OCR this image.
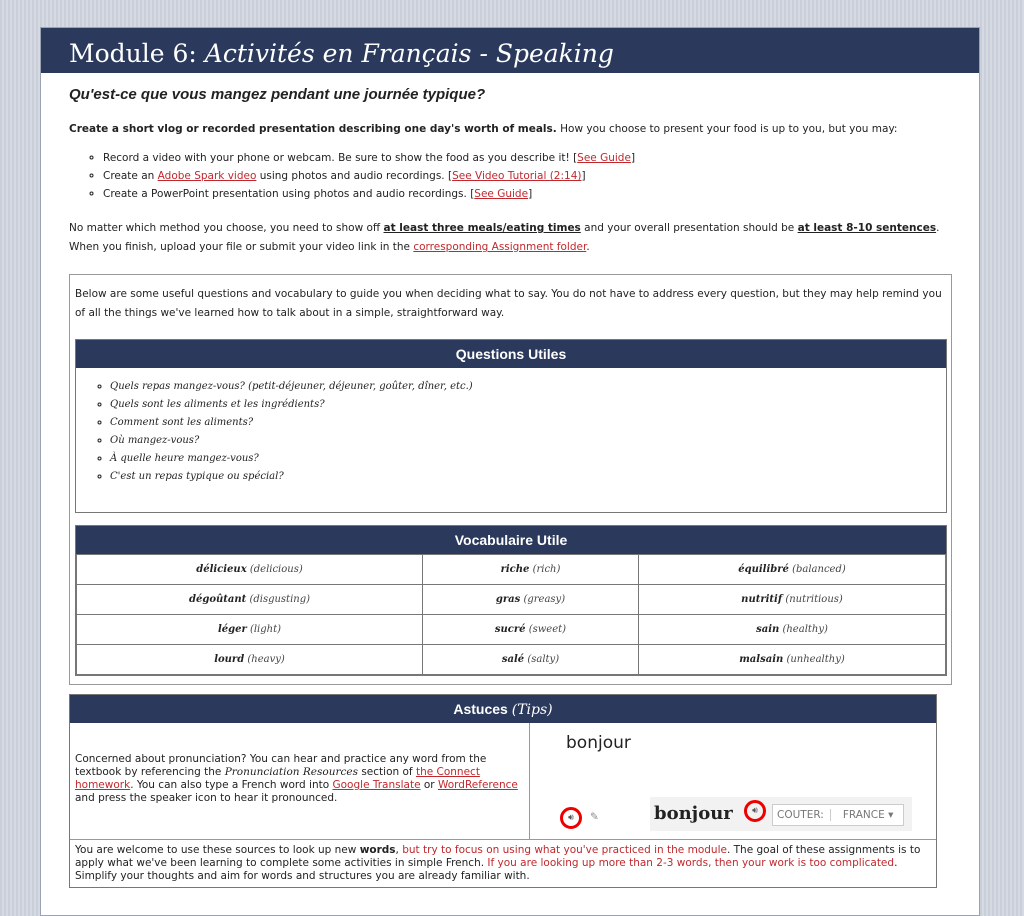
Module 6: Activités en Français - Speaking
Qu'est-ce que vous mangez pendant une journée typique?

Create a short vlog or recorded presentation describing one day's worth of meals. How you choose to present your food is up to you, but you may:

◦ Record a video with your phone or webcam. Be sure to show the food as you describe it! [See Guide]
◦ Create an Adobe Spark video using photos and audio recordings. [See Video Tutorial (2:14)]
◦ Create a PowerPoint presentation using photos and audio recordings. [See Guide]

No matter which method you choose, you need to show off at least three meals/eating times and your overall presentation should be at least 8-10 sentences. When you finish, upload your file or submit your video link in the corresponding Assignment folder.

Below are some useful questions and vocabulary to guide you when deciding what to say. You do not have to address every question, but they may help remind you of all the things we've learned how to talk about in a simple, straightforward way.

Questions Utiles
◦ Quels repas mangez-vous? (petit-déjeuner, déjeuner, goûter, dîner, etc.)
◦ Quels sont les aliments et les ingrédients?
◦ Comment sont les aliments?
◦ Où mangez-vous?
◦ À quelle heure mangez-vous?
◦ C'est un repas typique ou spécial?
Vocabulaire Utile
délicieux (delicious)	riche (rich)	équilibré (balanced)
dégoûtant (disgusting)	gras (greasy)	nutritif (nutritious)
léger (light)	sucré (sweet)	sain (healthy)
lourd (heavy)	salé (salty)	malsain (unhealthy)
Astuces (Tips)
Concerned about pronunciation? You can hear and practice any word from the textbook by referencing the Pronunciation Resources section of the Connect homework. You can also type a French word into Google Translate or WordReference and press the speaker icon to hear it pronounced.
bonjour
🔊︎	✎	bonjour	🔊︎	COUTER: FRANCE ▾
You are welcome to use these sources to look up new words, but try to focus on using what you've practiced in the module. The goal of these assignments is to apply what we've been learning to complete some activities in simple French. If you are looking up more than 2-3 words, then your work is too complicated. Simplify your thoughts and aim for words and structures you are already familiar with.
